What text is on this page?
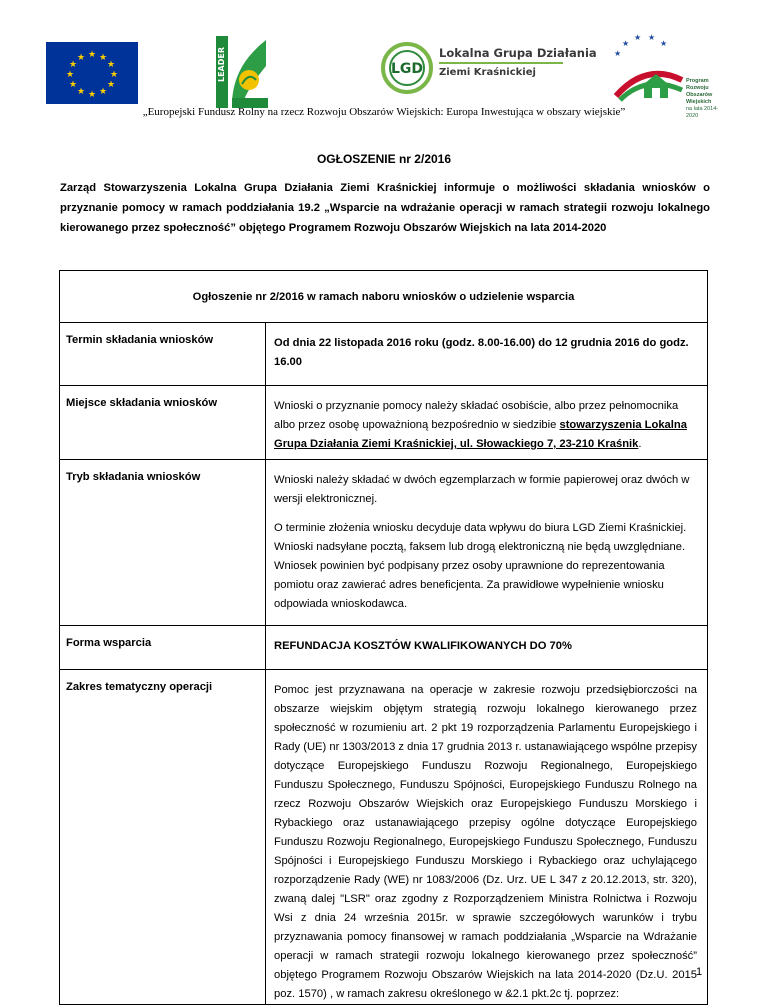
★ ★
★
★
★
★
★
★
★
★
★
★	LEADER	LGD
Lokalna Grupa Działania
Ziemi Kraśnickiej
★
★
★ ★
★
Program
Rozwoju
Obszarów
Wiejskich
na lata 2014-2020
„Europejski Fundusz Rolny na rzecz Rozwoju Obszarów Wiejskich: Europa Inwestująca w obszary wiejskie”
OGŁOSZENIE nr 2/2016
Zarząd Stowarzyszenia Lokalna Grupa Działania Ziemi Kraśnickiej informuje o możliwości składania wniosków o przyznanie pomocy w ramach poddziałania 19.2 „Wsparcie na wdrażanie operacji w ramach strategii rozwoju lokalnego kierowanego przez społeczność” objętego Programem Rozwoju Obszarów Wiejskich na lata 2014-2020
Ogłoszenie nr 2/2016 w ramach naboru wniosków o udzielenie wsparcia	
Termin składania wniosków	Od dnia 22 listopada 2016 roku (godz. 8.00-16.00) do 12 grudnia 2016 do godz. 16.00
Miejsce składania wniosków	Wnioski o przyznanie pomocy należy składać osobiście, albo przez pełnomocnika albo przez osobę upoważnioną bezpośrednio w siedzibie stowarzyszenia Lokalna Grupa Działania Ziemi Kraśnickiej, ul. Słowackiego 7, 23-210 Kraśnik.
Tryb składania wniosków	Wnioski należy składać w dwóch egzemplarzach w formie papierowej oraz dwóch w wersji elektronicznej.

O terminie złożenia wniosku decyduje data wpływu do biura LGD Ziemi Kraśnickiej. Wnioski nadsyłane pocztą, faksem lub drogą elektroniczną nie będą uwzględniane. Wniosek powinien być podpisany przez osoby uprawnione do reprezentowania pomiotu oraz zawierać adres beneficjenta. Za prawidłowe wypełnienie wniosku odpowiada wnioskodawca.

Forma wsparcia	REFUNDACJA KOSZTÓW KWALIFIKOWANYCH DO 70%
Zakres tematyczny operacji	Pomoc jest przyznawana na operacje w zakresie rozwoju przedsiębiorczości na obszarze wiejskim objętym strategią rozwoju lokalnego kierowanego przez społeczność w rozumieniu art. 2 pkt 19 rozporządzenia Parlamentu Europejskiego i Rady (UE) nr 1303/2013 z dnia 17 grudnia 2013 r. ustanawiającego wspólne przepisy dotyczące Europejskiego Funduszu Rozwoju Regionalnego, Europejskiego Funduszu Społecznego, Funduszu Spójności, Europejskiego Funduszu Rolnego na rzecz Rozwoju Obszarów Wiejskich oraz Europejskiego Funduszu Morskiego i Rybackiego oraz ustanawiającego przepisy ogólne dotyczące Europejskiego Funduszu Rozwoju Regionalnego, Europejskiego Funduszu Społecznego, Funduszu Spójności i Europejskiego Funduszu Morskiego i Rybackiego oraz uchylającego rozporządzenie Rady (WE) nr 1083/2006 (Dz. Urz. UE L 347 z 20.12.2013, str. 320), zwaną dalej "LSR" oraz zgodny z Rozporządzeniem Ministra Rolnictwa i Rozwoju Wsi z dnia 24 września 2015r. w sprawie szczegółowych warunków i trybu przyznawania pomocy finansowej w ramach poddziałania „Wsparcie na Wdrażanie operacji w ramach strategii rozwoju lokalnego kierowanego przez społeczność” objętego Programem Rozwoju Obszarów Wiejskich na lata 2014-2020 (Dz.U. 2015 poz. 1570) , w ramach zakresu określonego w &2.1 pkt.2c tj. poprzez:
1
